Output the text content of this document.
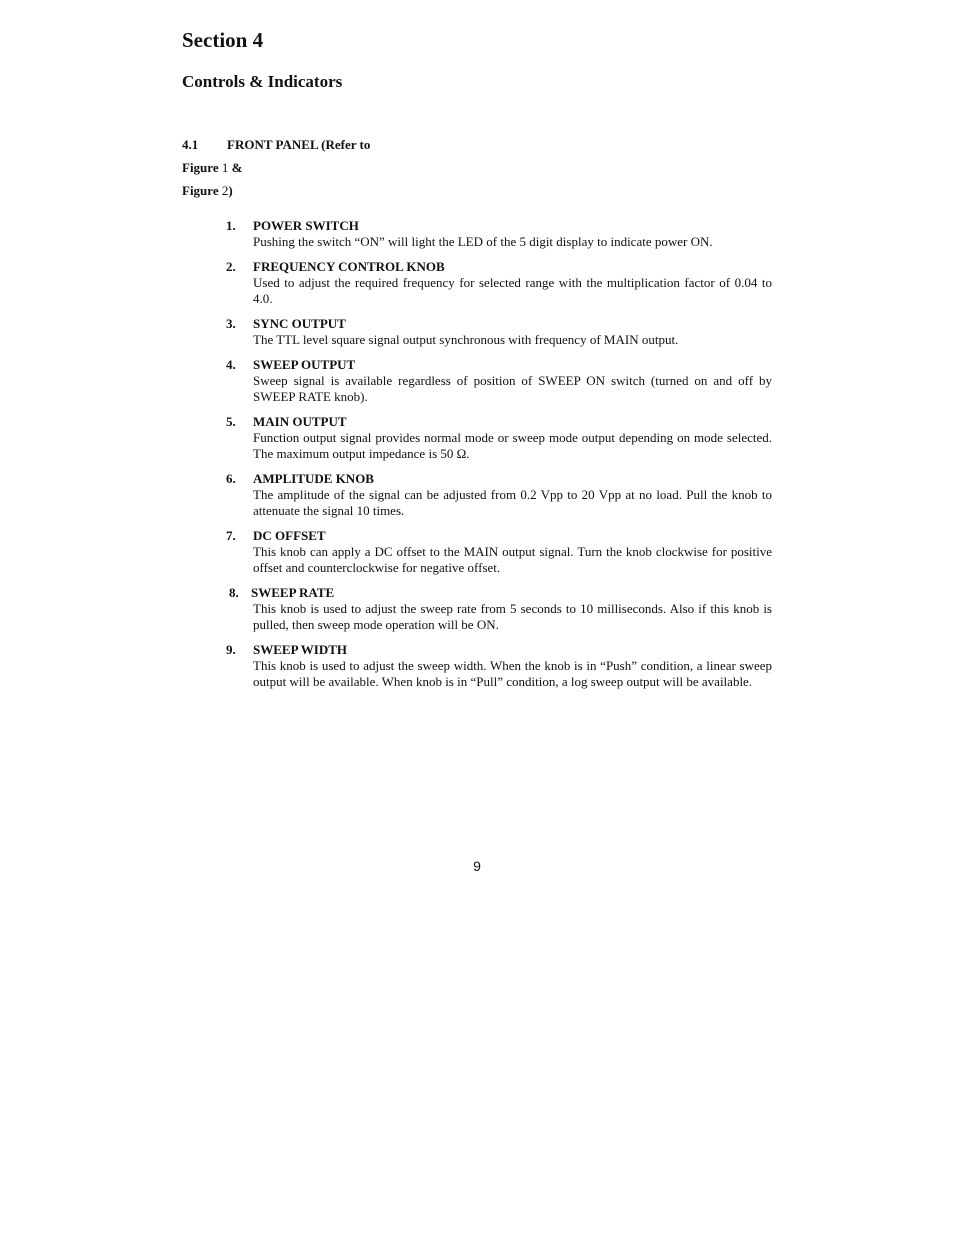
Section 4
Controls & Indicators
4.1 FRONT PANEL (Refer to
Figure 1 &
Figure 2)
1. POWER SWITCH
Pushing the switch “ON” will light the LED of the 5 digit display to indicate power ON.
2. FREQUENCY CONTROL KNOB
Used to adjust the required frequency for selected range with the multiplication factor of 0.04 to 4.0.
3. SYNC OUTPUT
The TTL level square signal output synchronous with frequency of MAIN output.
4. SWEEP OUTPUT
Sweep signal is available regardless of position of SWEEP ON switch (turned on and off by SWEEP RATE knob).
5. MAIN OUTPUT
Function output signal provides normal mode or sweep mode output depending on mode selected. The maximum output impedance is 50 Ω.
6. AMPLITUDE KNOB
The amplitude of the signal can be adjusted from 0.2 Vpp to 20 Vpp at no load. Pull the knob to attenuate the signal 10 times.
7. DC OFFSET
This knob can apply a DC offset to the MAIN output signal. Turn the knob clockwise for positive offset and counterclockwise for negative offset.
8. SWEEP RATE
This knob is used to adjust the sweep rate from 5 seconds to 10 milliseconds. Also if this knob is pulled, then sweep mode operation will be ON.
9. SWEEP WIDTH
This knob is used to adjust the sweep width. When the knob is in “Push” condition, a linear sweep output will be available. When knob is in “Pull” condition, a log sweep output will be available.
9
